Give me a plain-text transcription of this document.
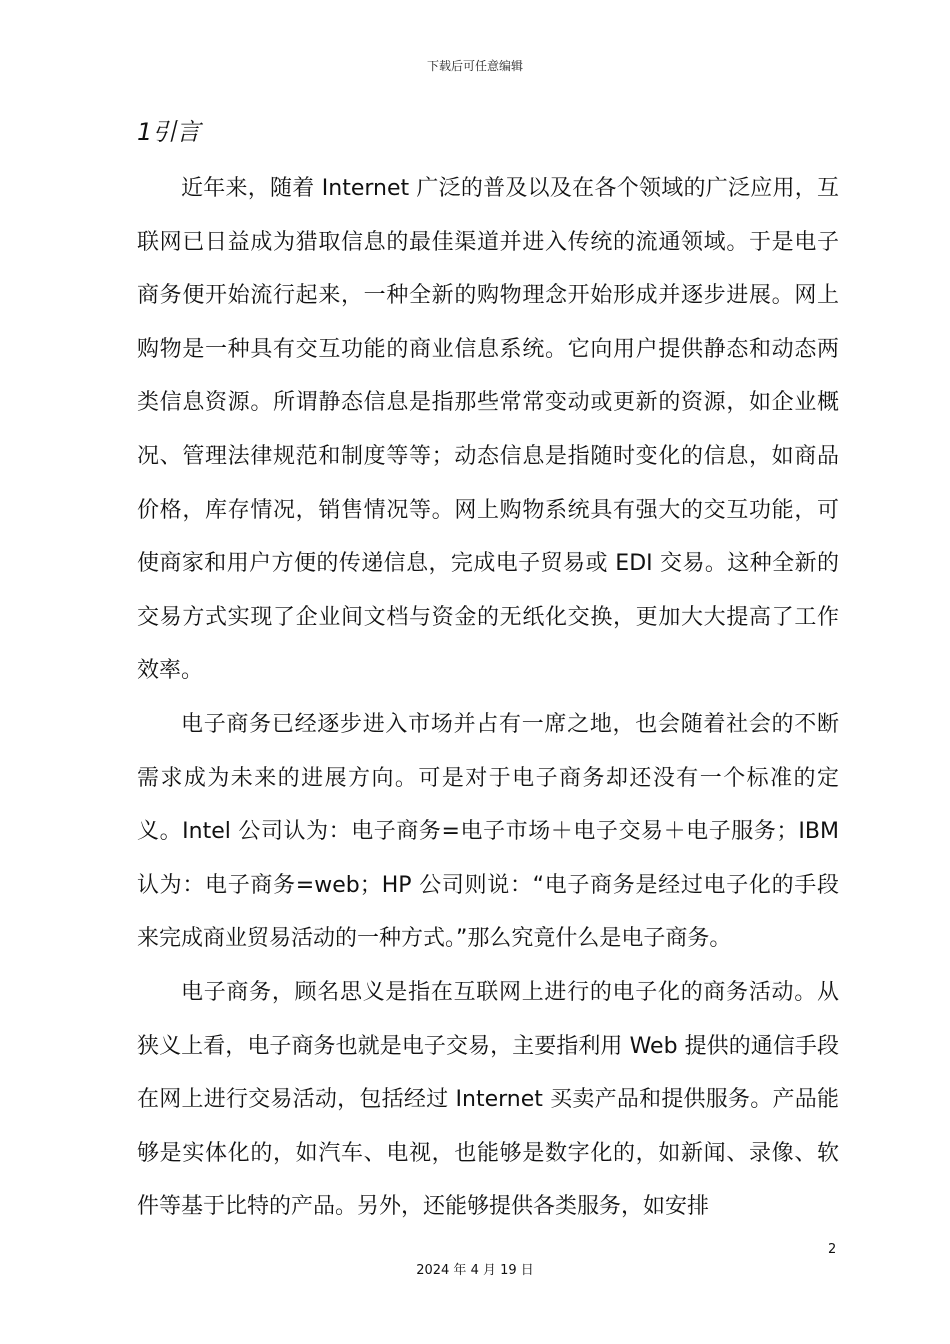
下载后可任意编辑
1引言

近年来，随着 Internet 广泛的普及以及在各个领域的广泛应用，互联网已日益成为猎取信息的最佳渠道并进入传统的流通领域。于是电子商务便开始流行起来，一种全新的购物理念开始形成并逐步进展。网上购物是一种具有交互功能的商业信息系统。它向用户提供静态和动态两类信息资源。所谓静态信息是指那些常常变动或更新的资源，如企业概况、管理法律规范和制度等等；动态信息是指随时变化的信息，如商品价格，库存情况，销售情况等。网上购物系统具有强大的交互功能，可使商家和用户方便的传递信息，完成电子贸易或 EDI 交易。这种全新的交易方式实现了企业间文档与资金的无纸化交换，更加大大提高了工作效率。

电子商务已经逐步进入市场并占有一席之地，也会随着社会的不断需求成为未来的进展方向。可是对于电子商务却还没有一个标准的定义。Intel 公司认为：电子商务=电子市场＋电子交易＋电子服务；IBM 认为：电子商务=web；HP 公司则说：“电子商务是经过电子化的手段来完成商业贸易活动的一种方式。”那么究竟什么是电子商务。

电子商务，顾名思义是指在互联网上进行的电子化的商务活动。从狭义上看，电子商务也就是电子交易，主要指利用 Web 提供的通信手段在网上进行交易活动，包括经过 Internet 买卖产品和提供服务。产品能够是实体化的，如汽车、电视，也能够是数字化的，如新闻、录像、软件等基于比特的产品。另外，还能够提供各类服务，如安排

2
2024 年 4 月 19 日
